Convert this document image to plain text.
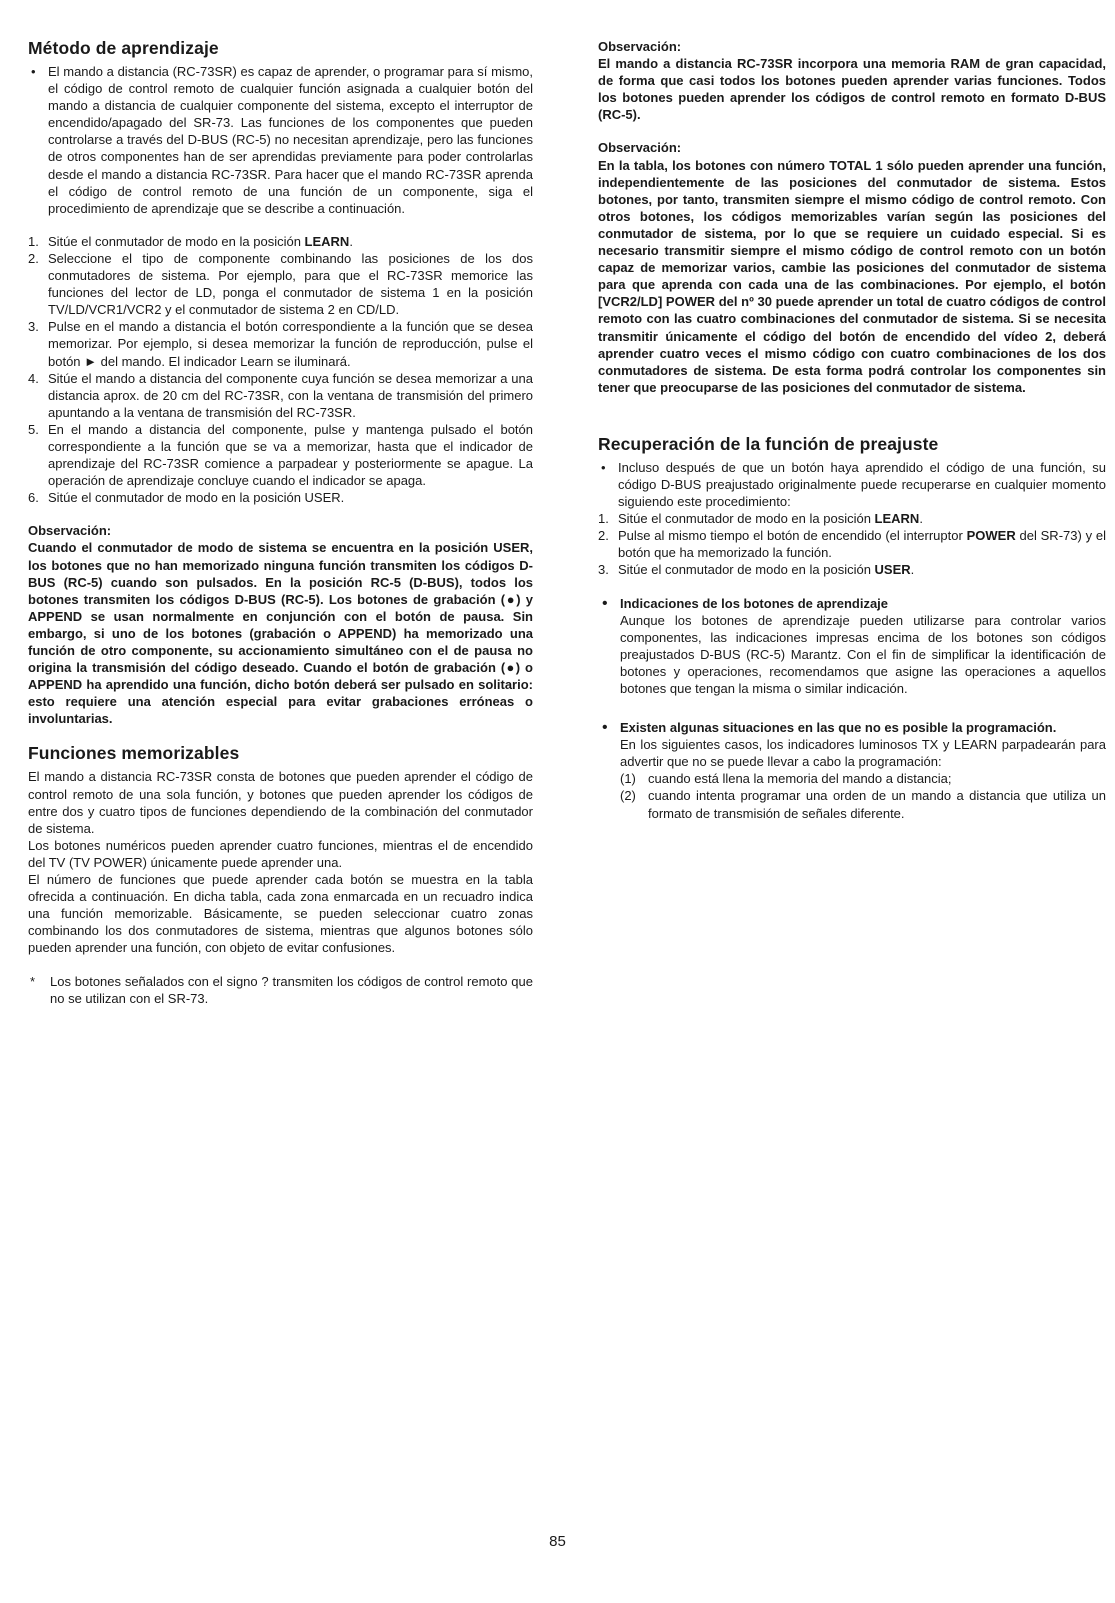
Método de aprendizaje

• El mando a distancia (RC-73SR) es capaz de aprender, o programar para sí mismo, el código de control remoto de cualquier función asignada a cualquier botón del mando a distancia de cualquier componente del sistema, excepto el interruptor de encendido/apagado del SR-73. Las funciones de los componentes que pueden controlarse a través del D-BUS (RC-5) no necesitan aprendizaje, pero las funciones de otros componentes han de ser aprendidas previamente para poder controlarlas desde el mando a distancia RC-73SR. Para hacer que el mando RC-73SR aprenda el código de control remoto de una función de un componente, siga el procedimiento de aprendizaje que se describe a continuación.

1. Sitúe el conmutador de modo en la posición LEARN.
2. Seleccione el tipo de componente combinando las posiciones de los dos conmutadores de sistema. Por ejemplo, para que el RC-73SR memorice las funciones del lector de LD, ponga el conmutador de sistema 1 en la posición TV/LD/VCR1/VCR2 y el conmutador de sistema 2 en CD/LD.
3. Pulse en el mando a distancia el botón correspondiente a la función que se desea memorizar. Por ejemplo, si desea memorizar la función de reproducción, pulse el botón ► del mando. El indicador Learn se iluminará.
4. Sitúe el mando a distancia del componente cuya función se desea memorizar a una distancia aprox. de 20 cm del RC-73SR, con la ventana de transmisión del primero apuntando a la ventana de transmisión del RC-73SR.
5. En el mando a distancia del componente, pulse y mantenga pulsado el botón correspondiente a la función que se va a memorizar, hasta que el indicador de aprendizaje del RC-73SR comience a parpadear y posteriormente se apague. La operación de aprendizaje concluye cuando el indicador se apaga.
6. Sitúe el conmutador de modo en la posición USER.

Observación:

Cuando el conmutador de modo de sistema se encuentra en la posición USER, los botones que no han memorizado ninguna función transmiten los códigos D-BUS (RC-5) cuando son pulsados. En la posición RC-5 (D-BUS), todos los botones transmiten los códigos D-BUS (RC-5). Los botones de grabación (●) y APPEND se usan normalmente en conjunción con el botón de pausa. Sin embargo, si uno de los botones (grabación o APPEND) ha memorizado una función de otro componente, su accionamiento simultáneo con el de pausa no origina la transmisión del código deseado. Cuando el botón de grabación (●) o APPEND ha aprendido una función, dicho botón deberá ser pulsado en solitario: esto requiere una atención especial para evitar grabaciones erróneas o involuntarias.

Funciones memorizables

El mando a distancia RC-73SR consta de botones que pueden aprender el código de control remoto de una sola función, y botones que pueden aprender los códigos de entre dos y cuatro tipos de funciones dependiendo de la combinación del conmutador de sistema.

Los botones numéricos pueden aprender cuatro funciones, mientras el de encendido del TV (TV POWER) únicamente puede aprender una.

El número de funciones que puede aprender cada botón se muestra en la tabla ofrecida a continuación. En dicha tabla, cada zona enmarcada en un recuadro indica una función memorizable. Básicamente, se pueden seleccionar cuatro zonas combinando los dos conmutadores de sistema, mientras que algunos botones sólo pueden aprender una función, con objeto de evitar confusiones.

* Los botones señalados con el signo ? transmiten los códigos de control remoto que no se utilizan con el SR-73.

Observación:

El mando a distancia RC-73SR incorpora una memoria RAM de gran capacidad, de forma que casi todos los botones pueden aprender varias funciones. Todos los botones pueden aprender los códigos de control remoto en formato D-BUS (RC-5).

Observación:

En la tabla, los botones con número TOTAL 1 sólo pueden aprender una función, independientemente de las posiciones del conmutador de sistema. Estos botones, por tanto, transmiten siempre el mismo código de control remoto. Con otros botones, los códigos memorizables varían según las posiciones del conmutador de sistema, por lo que se requiere un cuidado especial. Si es necesario transmitir siempre el mismo código de control remoto con un botón capaz de memorizar varios, cambie las posiciones del conmutador de sistema para que aprenda con cada una de las combinaciones. Por ejemplo, el botón [VCR2/LD] POWER del nº 30 puede aprender un total de cuatro códigos de control remoto con las cuatro combinaciones del conmutador de sistema. Si se necesita transmitir únicamente el código del botón de encendido del vídeo 2, deberá aprender cuatro veces el mismo código con cuatro combinaciones de los dos conmutadores de sistema. De esta forma podrá controlar los componentes sin tener que preocuparse de las posiciones del conmutador de sistema.

Recuperación de la función de preajuste

• Incluso después de que un botón haya aprendido el código de una función, su código D-BUS preajustado originalmente puede recuperarse en cualquier momento siguiendo este procedimiento:

1. Sitúe el conmutador de modo en la posición LEARN.
2. Pulse al mismo tiempo el botón de encendido (el interruptor POWER del SR-73) y el botón que ha memorizado la función.
3. Sitúe el conmutador de modo en la posición USER.
• Indicaciones de los botones de aprendizaje

Aunque los botones de aprendizaje pueden utilizarse para controlar varios componentes, las indicaciones impresas encima de los botones son códigos preajustados D-BUS (RC-5) Marantz. Con el fin de simplificar la identificación de botones y operaciones, recomendamos que asigne las operaciones a aquellos botones que tengan la misma o similar indicación.

• Existen algunas situaciones en las que no es posible la programación.

En los siguientes casos, los indicadores luminosos TX y LEARN parpadearán para advertir que no se puede llevar a cabo la programación:

(1) cuando está llena la memoria del mando a distancia;

(2) cuando intenta programar una orden de un mando a distancia que utiliza un formato de transmisión de señales diferente.

85
